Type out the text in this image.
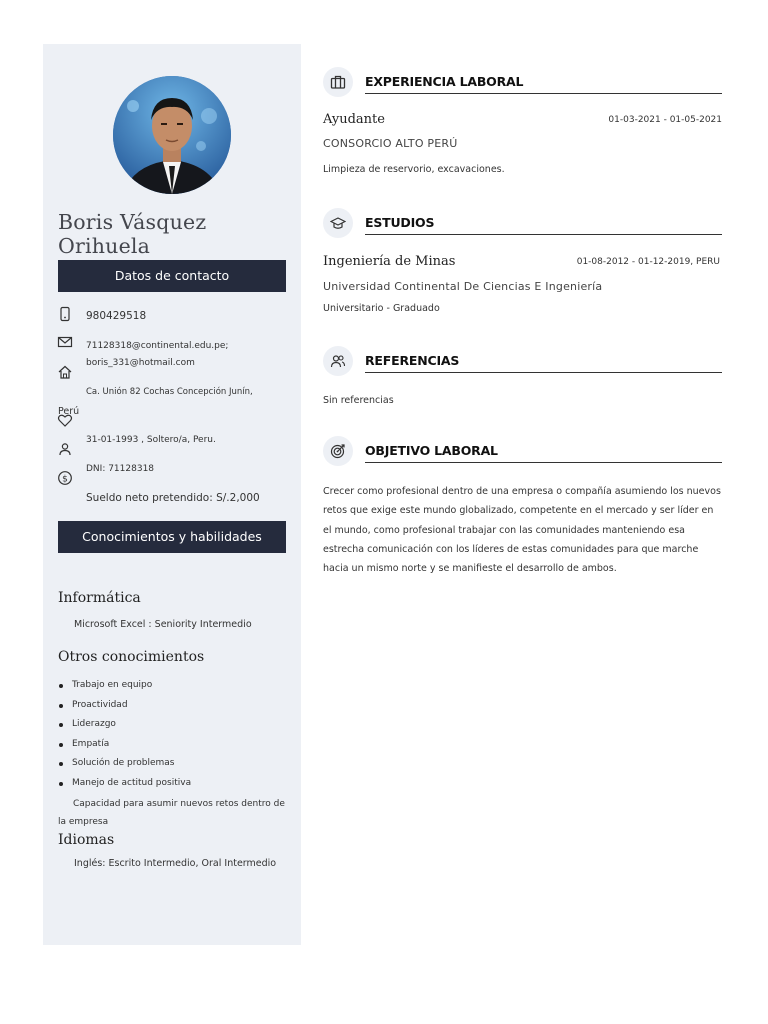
Boris Vásquez Orihuela
Datos de contacto
980429518
71128318@continental.edu.pe;
boris_331@hotmail.com
Ca. Unión 82 Cochas Concepción Junín,
Perú
31-01-1993 , Soltero/a, Peru.
$
DNI: 71128318
Sueldo neto pretendido: S/.2,000
Conocimientos y habilidades
Informática
Microsoft Excel : Seniority Intermedio
Otros conocimientos
Trabajo en equipo
Proactividad
Liderazgo
Empatía
Solución de problemas
Manejo de actitud positiva
Capacidad para asumir nuevos retos dentro de la empresa
Idiomas
Inglés: Escrito Intermedio, Oral Intermedio
EXPERIENCIA LABORAL
Ayudante	01-03-2021 - 01-05-2021
CONSORCIO ALTO PERÚ
Limpieza de reservorio, excavaciones.
ESTUDIOS
Ingeniería de Minas	01-08-2012 - 01-12-2019, PERU
Universidad Continental De Ciencias E Ingeniería
Universitario - Graduado
REFERENCIAS
Sin referencias
OBJETIVO LABORAL
Crecer como profesional dentro de una empresa o compañía asumiendo los nuevos retos que exige este mundo globalizado, competente en el mercado y ser líder en el mundo, como profesional trabajar con las comunidades manteniendo esa estrecha comunicación con los líderes de estas comunidades para que marche hacia un mismo norte y se manifieste el desarrollo de ambos.
